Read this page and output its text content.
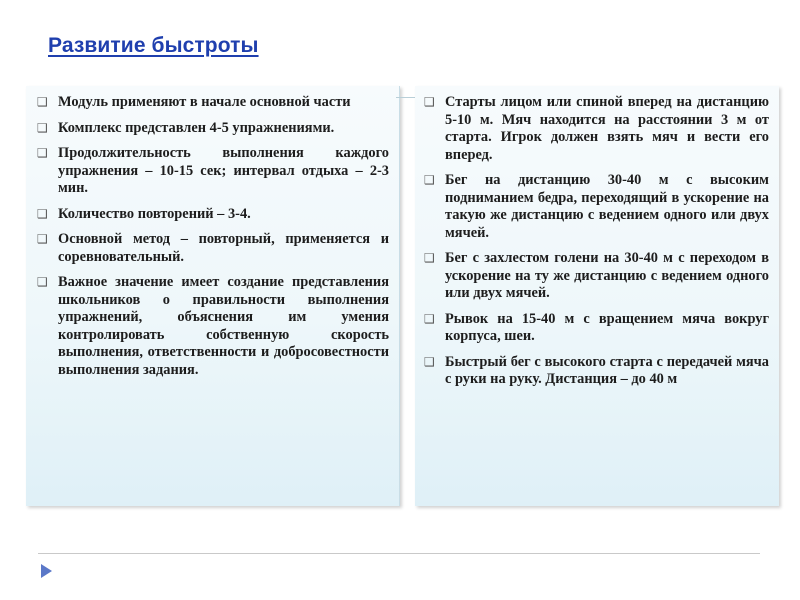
Развитие быстроты
❑ Модуль применяют в начале основной части
❑ Комплекс представлен 4-5 упражнениями.
❑ Продолжительность выполнения каждого упражнения – 10-15 сек; интервал отдыха – 2-3 мин.
❑ Количество повторений – 3-4.
❑ Основной метод – повторный, применяется и соревновательный.
❑ Важное значение имеет создание представления школьников о правильности выполнения упражнений, объяснения им умения контролировать собственную скорость выполнения, ответственности и добросовестности выполнения задания.
❑ Старты лицом или спиной вперед на дистанцию 5-10 м. Мяч находится на расстоянии 3 м от старта. Игрок должен взять мяч и вести его вперед.
❑ Бег на дистанцию 30-40 м с высоким подниманием бедра, переходящий в ускорение на такую же дистанцию с ведением одного или двух мячей.
❑ Бег с захлестом голени на 30-40 м с переходом в ускорение на ту же дистанцию с ведением одного или двух мячей.
❑ Рывок на 15-40 м с вращением мяча вокруг корпуса, шеи.
❑ Быстрый бег с высокого старта с передачей мяча с руки на руку. Дистанция – до 40 м
